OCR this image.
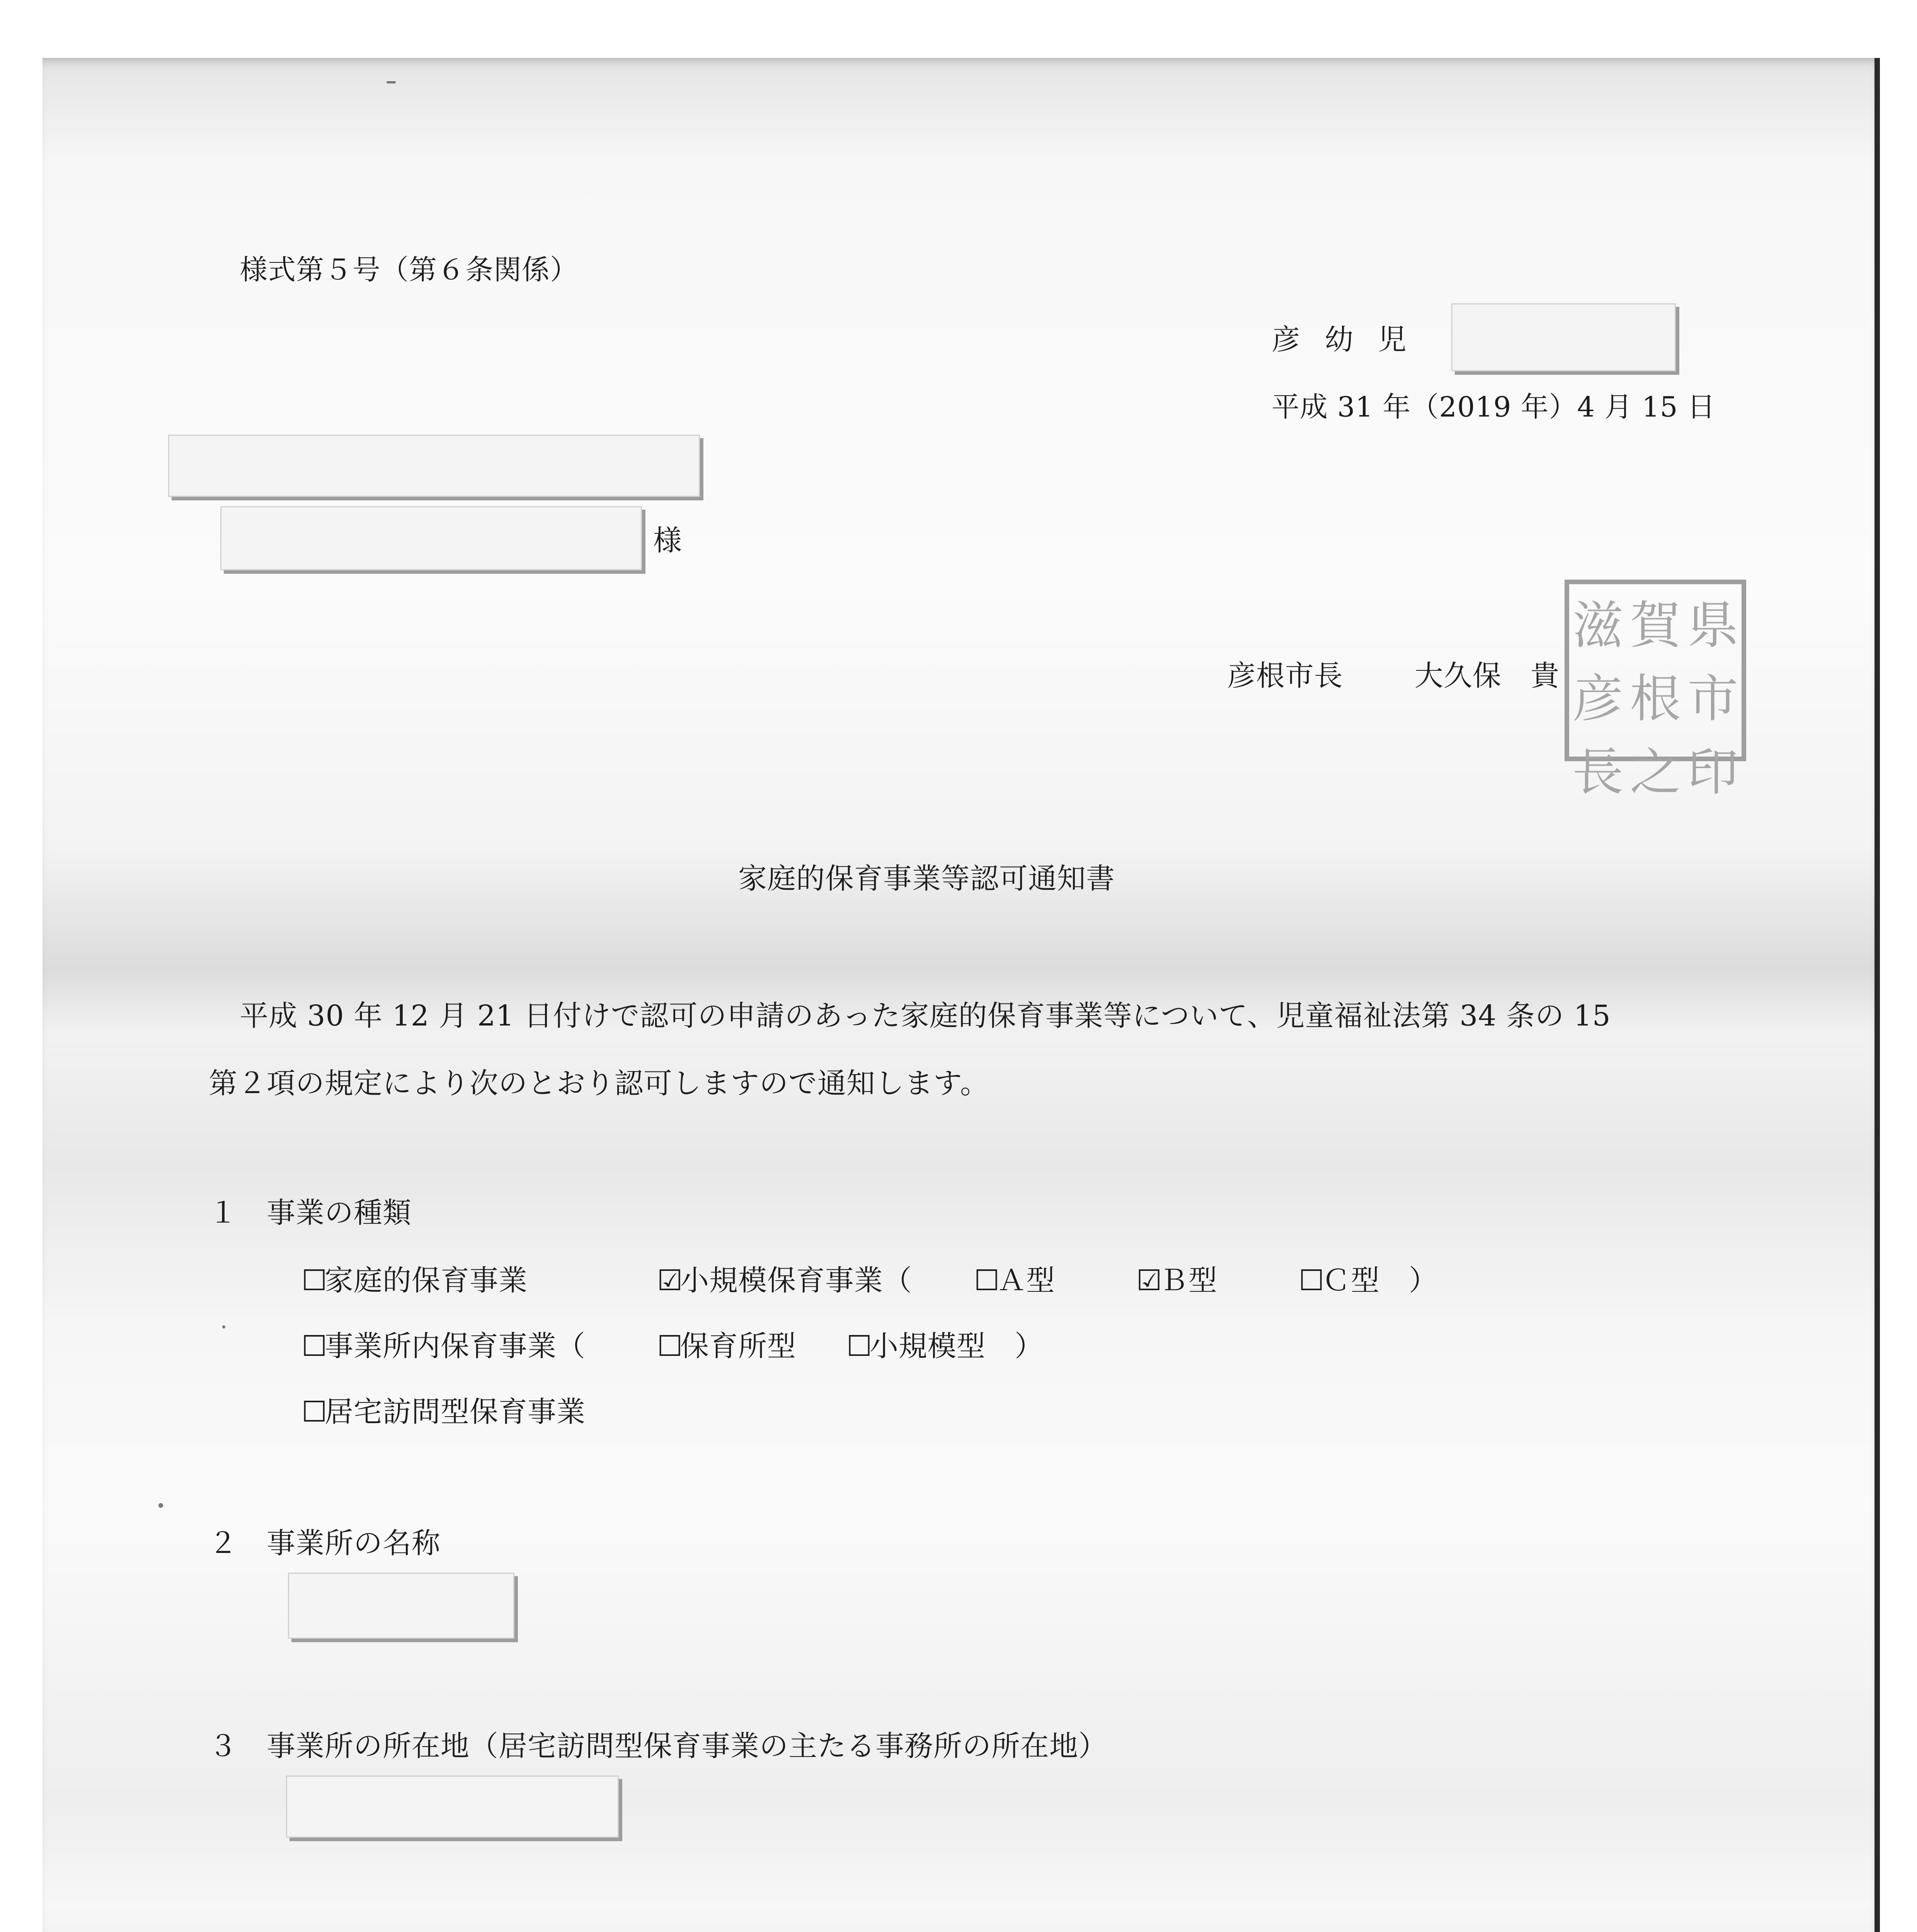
様式第５号（第６条関係）
彦 幼 児
平成 31 年（2019 年）4 月 15 日
様
彦根市長	大久保　貴
滋 賀 県
彦 根 市
長 之 印
家庭的保育事業等認可通知書
平成 30 年 12 月 21 日付けで認可の申請のあった家庭的保育事業等について、児童福祉法第 34 条の 15
第２項の規定により次のとおり認可しますので通知します。
１　事業の種類
☐家庭的保育事業	☑小規模保育事業（ ☐Ａ型	☑Ｂ型	☐Ｃ型　）
☐事業所内保育事業（	☐保育所型 ☐小規模型　）
☐居宅訪問型保育事業
２　事業所の名称
３　事業所の所在地（居宅訪問型保育事業の主たる事務所の所在地）
